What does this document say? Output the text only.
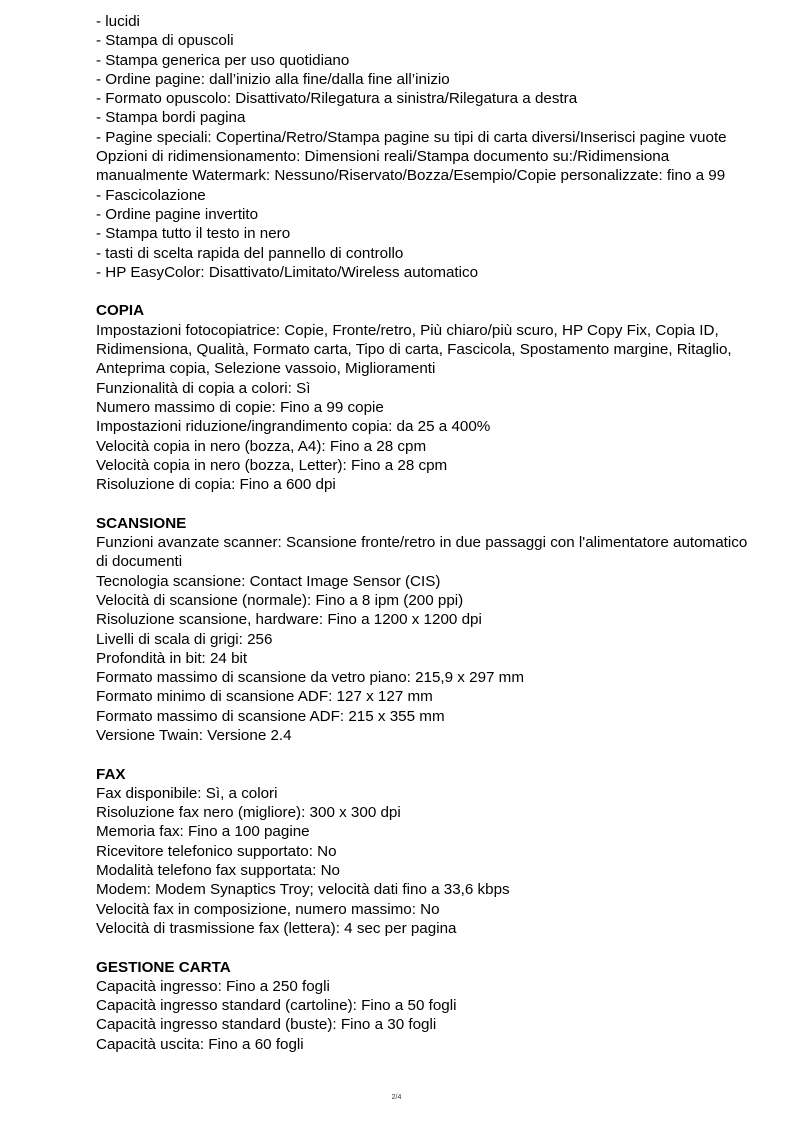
- lucidi
- Stampa di opuscoli
- Stampa generica per uso quotidiano
- Ordine pagine: dall’inizio alla fine/dalla fine all’inizio
- Formato opuscolo: Disattivato/Rilegatura a sinistra/Rilegatura a destra
- Stampa bordi pagina
- Pagine speciali: Copertina/Retro/Stampa pagine su tipi di carta diversi/Inserisci pagine vuote Opzioni di ridimensionamento: Dimensioni reali/Stampa documento su:/Ridimensiona manualmente Watermark: Nessuno/Riservato/Bozza/Esempio/Copie personalizzate: fino a 99
- Fascicolazione
- Ordine pagine invertito
- Stampa tutto il testo in nero
- tasti di scelta rapida del pannello di controllo
- HP EasyColor: Disattivato/Limitato/Wireless automatico
COPIA
Impostazioni fotocopiatrice: Copie, Fronte/retro, Più chiaro/più scuro, HP Copy Fix, Copia ID, Ridimensiona, Qualità, Formato carta, Tipo di carta, Fascicola, Spostamento margine, Ritaglio, Anteprima copia, Selezione vassoio, Miglioramenti
Funzionalità di copia a colori: Sì
Numero massimo di copie: Fino a 99 copie
Impostazioni riduzione/ingrandimento copia: da 25 a 400%
Velocità copia in nero (bozza, A4): Fino a 28 cpm
Velocità copia in nero (bozza, Letter): Fino a 28 cpm
Risoluzione di copia: Fino a 600 dpi
SCANSIONE
Funzioni avanzate scanner: Scansione fronte/retro in due passaggi con l'alimentatore automatico di documenti
Tecnologia scansione: Contact Image Sensor (CIS)
Velocità di scansione (normale): Fino a 8 ipm (200 ppi)
Risoluzione scansione, hardware: Fino a 1200 x 1200 dpi
Livelli di scala di grigi: 256
Profondità in bit: 24 bit
Formato massimo di scansione da vetro piano: 215,9 x 297 mm
Formato minimo di scansione ADF: 127 x 127 mm
Formato massimo di scansione ADF: 215 x 355 mm
Versione Twain: Versione 2.4
FAX
Fax disponibile: Sì, a colori
Risoluzione fax nero (migliore): 300 x 300 dpi
Memoria fax: Fino a 100 pagine
Ricevitore telefonico supportato: No
Modalità telefono fax supportata: No
Modem: Modem Synaptics Troy; velocità dati fino a 33,6 kbps
Velocità fax in composizione, numero massimo: No
Velocità di trasmissione fax (lettera): 4 sec per pagina
GESTIONE CARTA
Capacità ingresso: Fino a 250 fogli
Capacità ingresso standard (cartoline): Fino a 50 fogli
Capacità ingresso standard (buste): Fino a 30 fogli
Capacità uscita: Fino a 60 fogli
2/4
